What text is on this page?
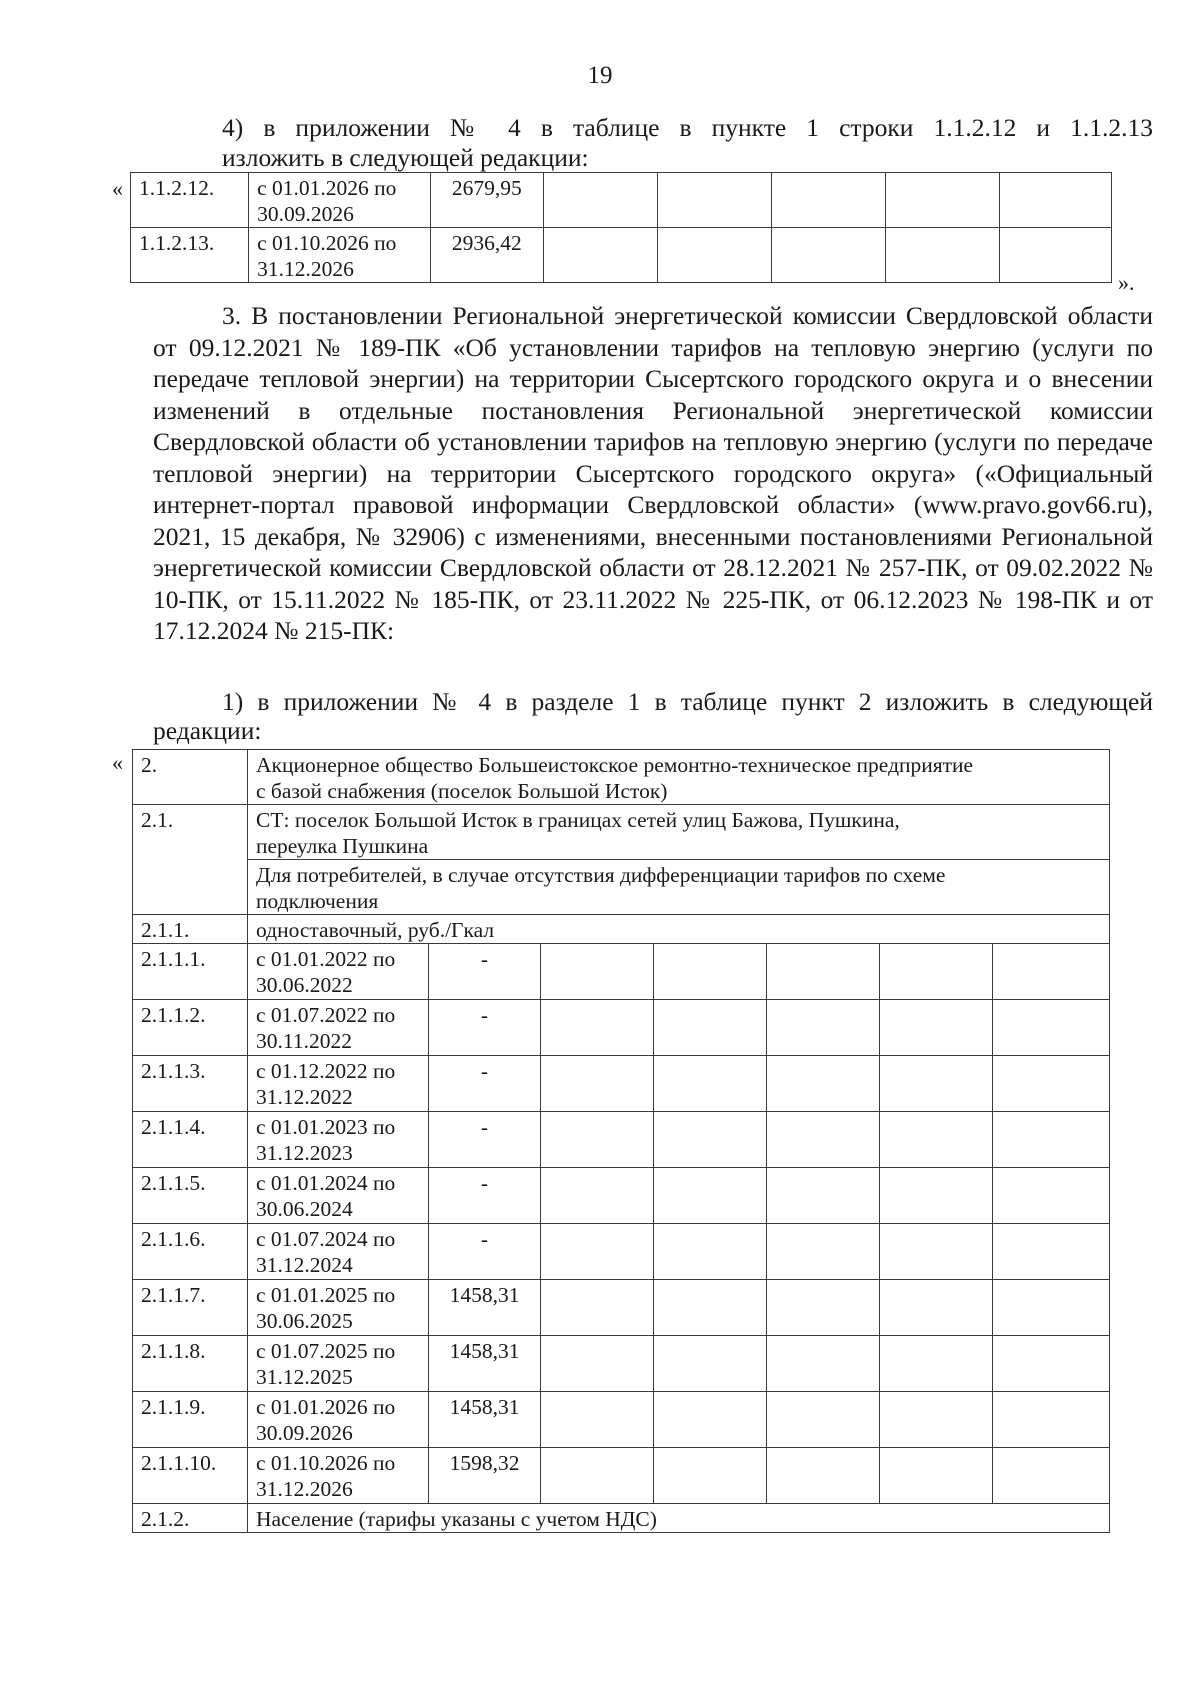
19
4) в приложении № 4 в таблице в пункте 1 строки 1.1.2.12 и 1.1.2.13
изложить в следующей редакции:
« 1.1.2.12.	с 01.01.2026 по
30.09.2026	2679,95					
1.1.2.13.	с 01.10.2026 по
31.12.2026	2936,42					
».
3. В постановлении Региональной энергетической комиссии Свердловской области от 09.12.2021 № 189-ПК «Об установлении тарифов на тепловую энергию (услуги по передаче тепловой энергии) на территории Сысертского городского округа и о внесении изменений в отдельные постановления Региональной энергетической комиссии Свердловской области об установлении тарифов на тепловую энергию (услуги по передаче тепловой энергии) на территории Сысертского городского округа» («Официальный интернет-портал правовой информации Свердловской области» (www.pravo.gov66.ru), 2021, 15 декабря, № 32906) с изменениями, внесенными постановлениями Региональной энергетической комиссии Свердловской области от 28.12.2021 № 257-ПК, от 09.02.2022 № 10-ПК, от 15.11.2022 № 185-ПК, от 23.11.2022 № 225-ПК, от 06.12.2023 № 198-ПК и от 17.12.2024 № 215-ПК:
1) в приложении № 4 в разделе 1 в таблице пункт 2 изложить в следующей
редакции:
« 2.	Акционерное общество Большеистокское ремонтно-техническое предприятие
с базой снабжения (поселок Большой Исток)						
2.1.	СТ: поселок Большой Исток в границах сетей улиц Бажова, Пушкина,
переулка Пушкина						
	Для потребителей, в случае отсутствия дифференциации тарифов по схеме
подключения						
2.1.1.	одноставочный, руб./Гкал						
2.1.1.1.	с 01.01.2022 по
30.06.2022	-					
2.1.1.2.	с 01.07.2022 по
30.11.2022	-					
2.1.1.3.	с 01.12.2022 по
31.12.2022	-					
2.1.1.4.	с 01.01.2023 по
31.12.2023	-					
2.1.1.5.	с 01.01.2024 по
30.06.2024	-					
2.1.1.6.	с 01.07.2024 по
31.12.2024	-					
2.1.1.7.	с 01.01.2025 по
30.06.2025	1458,31					
2.1.1.8.	с 01.07.2025 по
31.12.2025	1458,31					
2.1.1.9.	с 01.01.2026 по
30.09.2026	1458,31					
2.1.1.10.	с 01.10.2026 по
31.12.2026	1598,32					
2.1.2.	Население (тарифы указаны с учетом НДС)						
